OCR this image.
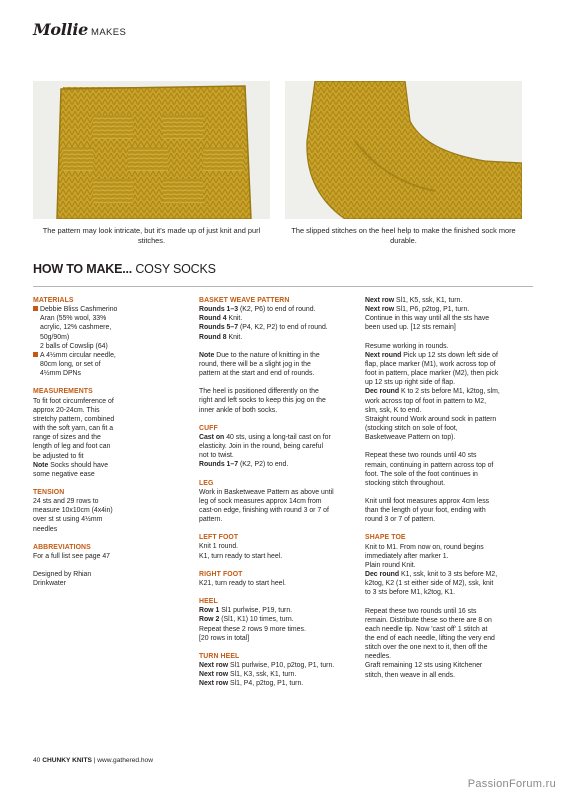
Mollie MAKES
The pattern may look intricate, but it's made up of just knit and purl stitches.
The slipped stitches on the heel help to make the finished sock more durable.
HOW TO MAKE... COSY SOCKS
MATERIALS
Debbie Bliss Cashmerino
Aran (55% wool, 33%
acrylic, 12% cashmere,
50g/90m)
2 balls of Cowslip (64)
A 4½mm circular needle,
80cm long, or set of
4½mm DPNs
MEASUREMENTS
To fit foot circumference of
approx 20-24cm. This
stretchy pattern, combined
with the soft yarn, can fit a
range of sizes and the
length of leg and foot can
be adjusted to fit
Note Socks should have
some negative ease
TENSION
24 sts and 29 rows to
measure 10x10cm (4x4in)
over st st using 4½mm
needles
ABBREVIATIONS
For a full list see page 47
Designed by Rhian
Drinkwater
BASKET WEAVE PATTERN
Rounds 1–3 (K2, P6) to end of round.
Round 4 Knit.
Rounds 5–7 (P4, K2, P2) to end of round.
Round 8 Knit.
Note Due to the nature of knitting in the
round, there will be a slight jog in the
pattern at the start and end of rounds.
The heel is positioned differently on the
right and left socks to keep this jog on the
inner ankle of both socks.
CUFF
Cast on 40 sts, using a long-tail cast on for
elasticity. Join in the round, being careful
not to twist.
Rounds 1–7 (K2, P2) to end.
LEG
Work in Basketweave Pattern as above until
leg of sock measures approx 14cm from
cast-on edge, finishing with round 3 or 7 of
pattern.
LEFT FOOT
Knit 1 round.
K1, turn ready to start heel.
RIGHT FOOT
K21, turn ready to start heel.
HEEL
Row 1 Sl1 purlwise, P19, turn.
Row 2 (Sl1, K1) 10 times, turn.
Repeat these 2 rows 9 more times.
[20 rows in total]
TURN HEEL
Next row Sl1 purlwise, P10, p2tog, P1, turn.
Next row Sl1, K3, ssk, K1, turn.
Next row Sl1, P4, p2tog, P1, turn.
Next row Sl1, K5, ssk, K1, turn.
Next row Sl1, P6, p2tog, P1, turn.
Continue in this way until all the sts have
been used up. [12 sts remain]
Resume working in rounds.
Next round Pick up 12 sts down left side of
flap, place marker (M1), work across top of
foot in pattern, place marker (M2), then pick
up 12 sts up right side of flap.
Dec round K to 2 sts before M1, k2tog, slm,
work across top of foot in pattern to M2,
slm, ssk, K to end.
Straight round Work around sock in pattern
(stocking stitch on sole of foot,
Basketweave Pattern on top).
Repeat these two rounds until 40 sts
remain, continuing in pattern across top of
foot. The sole of the foot continues in
stocking stitch throughout.
Knit until foot measures approx 4cm less
than the length of your foot, ending with
round 3 or 7 of pattern.
SHAPE TOE
Knit to M1. From now on, round begins
immediately after marker 1.
Plain round Knit.
Dec round K1, ssk, knit to 3 sts before M2,
k2tog, K2 (1 st either side of M2), ssk, knit
to 3 sts before M1, k2tog, K1.
Repeat these two rounds until 16 sts
remain. Distribute these so there are 8 on
each needle tip. Now 'cast off' 1 stitch at
the end of each needle, lifting the very end
stitch over the one next to it, then off the
needles.
Graft remaining 12 sts using Kitchener
stitch, then weave in all ends.
40 CHUNKY KNITS | www.gathered.how
PassionForum.ru
